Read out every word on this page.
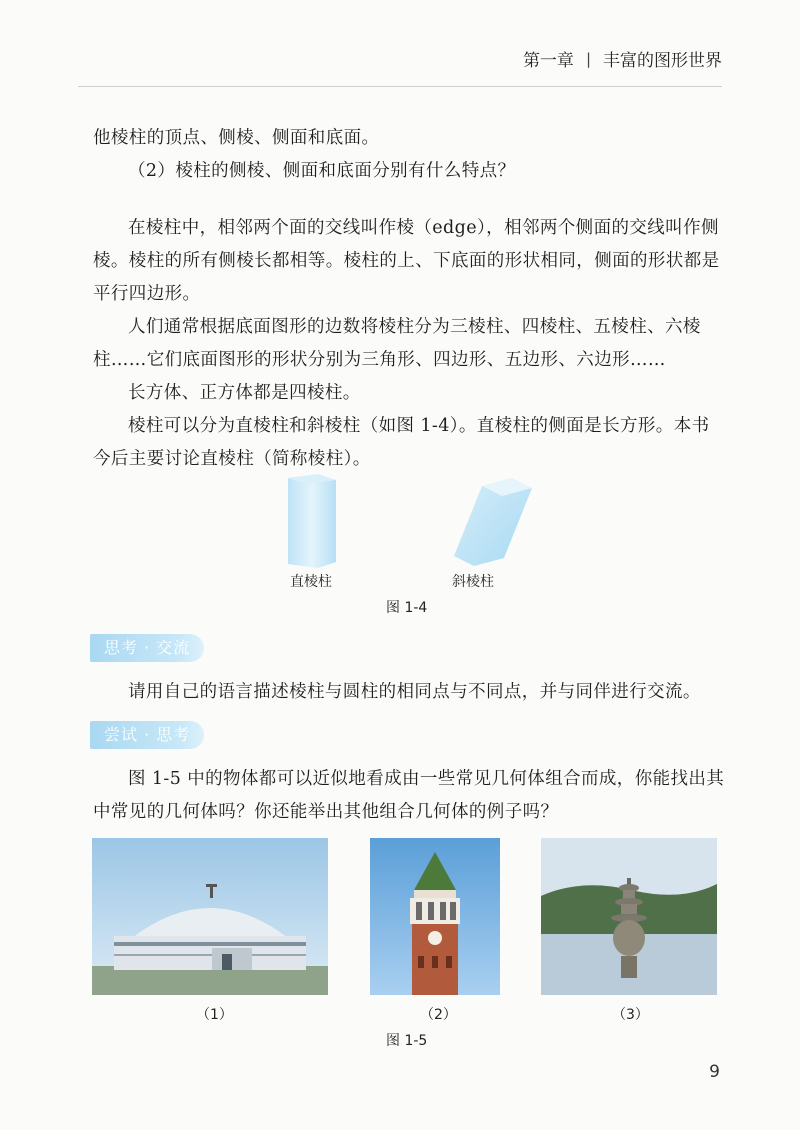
第一章 | 丰富的图形世界

他棱柱的顶点、侧棱、侧面和底面。

（2）棱柱的侧棱、侧面和底面分别有什么特点？

在棱柱中，相邻两个面的交线叫作棱（edge），相邻两个侧面的交线叫作侧棱。棱柱的所有侧棱长都相等。棱柱的上、下底面的形状相同，侧面的形状都是平行四边形。

人们通常根据底面图形的边数将棱柱分为三棱柱、四棱柱、五棱柱、六棱柱……它们底面图形的形状分别为三角形、四边形、五边形、六边形……

长方体、正方体都是四棱柱。

棱柱可以分为直棱柱和斜棱柱（如图 1-4）。直棱柱的侧面是长方形。本书今后主要讨论直棱柱（简称棱柱）。

直棱柱	斜棱柱
图 1-4
思考 · 交流

请用自己的语言描述棱柱与圆柱的相同点与不同点，并与同伴进行交流。

尝试 · 思考

图 1-5 中的物体都可以近似地看成由一些常见几何体组合而成，你能找出其中常见的几何体吗？你还能举出其他组合几何体的例子吗？

（1）	（2）	（3）
图 1-5
9
